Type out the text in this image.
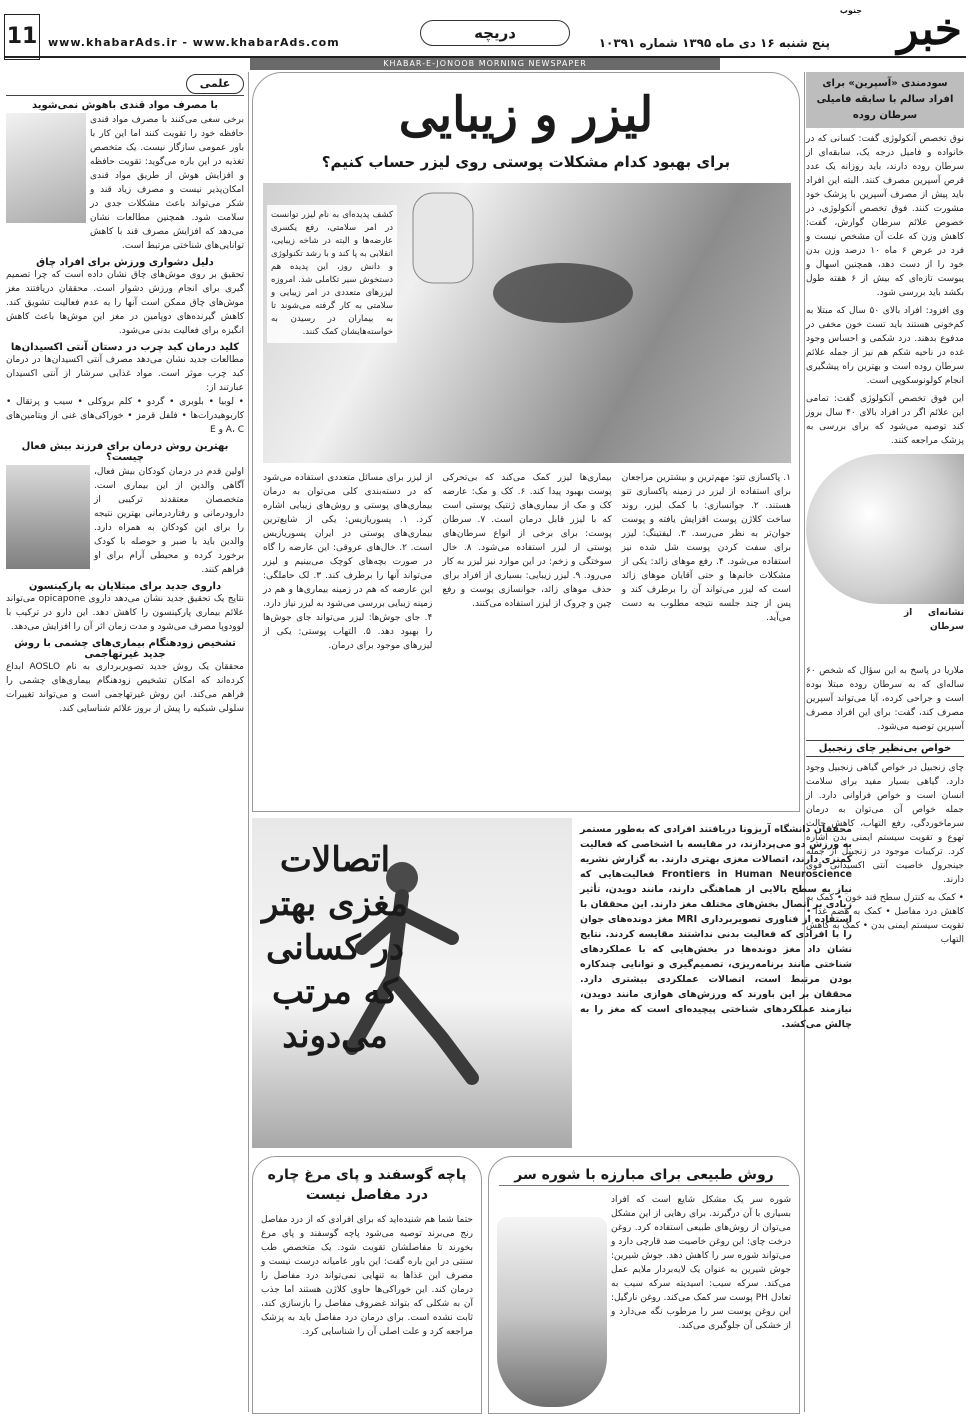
خبر
جنوب
پنج شنبه ۱۶ دی ماه ۱۳۹۵ شماره ۱۰۳۹۱
دریچه
www.khabarAds.ir - www.khabarAds.com
11
KHABAR-E-JONOOB MORNING NEWSPAPER
سودمندی «آسپرین» برای افراد سالم با سابقه فامیلی سرطان روده

نوق تخصص آنکولوژی گفت: کسانی که در خانواده و فامیل درجه یک، سابقه‌ای از سرطان روده دارند، باید روزانه یک عدد قرص آسپرین مصرف کنند. البته این افراد باید پیش از مصرف آسپرین با پزشک خود مشورت کنند. فوق تخصص آنکولوژی، در خصوص علائم سرطان گوارش، گفت: کاهش وزن که علت آن مشخص نیست و فرد در عرض ۶ ماه ۱۰ درصد وزن بدن خود را از دست دهد، همچنین اسهال و یبوست تازه‌ای که بیش از ۶ هفته طول بکشد باید بررسی شود.

وی افزود: افراد بالای ۵۰ سال که مبتلا به کم‌خونی هستند باید تست خون مخفی در مدفوع بدهند. درد شکمی و احساس وجود غده در ناحیه شکم هم نیز از جمله علائم سرطان روده است و بهترین راه پیشگیری انجام کولونوسکوپی است.

این فوق تخصص آنکولوژی گفت: تمامی این علائم اگر در افراد بالای ۴۰ سال بروز کند توصیه می‌شود که برای بررسی به پزشک مراجعه کنند.

نشانه‌ای از سرطان

ملاریا در پاسخ به این سؤال که شخص ۶۰ ساله‌ای که به سرطان روده مبتلا بوده است و جراحی کرده، آیا می‌تواند آسپرین مصرف کند، گفت: برای این افراد مصرف آسپرین توصیه می‌شود.

خواص بی‌نظیر چای زنجبیل

چای زنجبیل در خواص گیاهی زنجبیل وجود دارد. گیاهی بسیار مفید برای سلامت انسان است و خواص فراوانی دارد. از جمله خواص آن می‌توان به درمان سرماخوردگی، رفع التهاب، کاهش حالت تهوع و تقویت سیستم ایمنی بدن اشاره کرد. ترکیبات موجود در زنجبیل از جمله جینجرول خاصیت آنتی اکسیدانی قوی دارند.

• کمک به کنترل سطح قند خون • کمک به کاهش درد مفاصل • کمک به هضم غذا • تقویت سیستم ایمنی بدن • کمک به کاهش التهاب

علمی
با مصرف مواد قندی باهوش نمی‌شوید

برخی سعی می‌کنند با مصرف مواد قندی حافظه خود را تقویت کنند اما این کار با باور عمومی سازگار نیست. یک متخصص تغذیه در این باره می‌گوید: تقویت حافظه و افزایش هوش از طریق مواد قندی امکان‌پذیر نیست و مصرف زیاد قند و شکر می‌تواند باعث مشکلات جدی در سلامت شود. همچنین مطالعات نشان می‌دهد که افزایش مصرف قند با کاهش توانایی‌های شناختی مرتبط است.

دلیل دشواری ورزش برای افراد چاق

تحقیق بر روی موش‌های چاق نشان داده است که چرا تصمیم گیری برای انجام ورزش دشوار است. محققان دریافتند مغز موش‌های چاق ممکن است آنها را به عدم فعالیت تشویق کند. کاهش گیرنده‌های دوپامین در مغز این موش‌ها باعث کاهش انگیزه برای فعالیت بدنی می‌شود.

کلید درمان کبد چرب در دستان آنتی اکسیدان‌ها

مطالعات جدید نشان می‌دهد مصرف آنتی اکسیدان‌ها در درمان کبد چرب موثر است. مواد غذایی سرشار از آنتی اکسیدان عبارتند از:

• لوبیا • بلوبری • گردو • کلم بروکلی • سیب و پرتقال • کاربوهیدرات‌ها • فلفل قرمز • خوراکی‌های غنی از ویتامین‌های A، C و E

بهترین روش درمان برای فرزند بیش فعال چیست؟

اولین قدم در درمان کودکان بیش فعال، آگاهی والدین از این بیماری است. متخصصان معتقدند ترکیبی از دارودرمانی و رفتاردرمانی بهترین نتیجه را برای این کودکان به همراه دارد. والدین باید با صبر و حوصله با کودک برخورد کرده و محیطی آرام برای او فراهم کنند.

داروی جدید برای مبتلایان به پارکینسون

نتایج یک تحقیق جدید نشان می‌دهد داروی opicapone می‌تواند علائم بیماری پارکینسون را کاهش دهد. این دارو در ترکیب با لوودوپا مصرف می‌شود و مدت زمان اثر آن را افزایش می‌دهد.

تشخیص زودهنگام بیماری‌های چشمی با روش جدید غیرتهاجمی

محققان یک روش جدید تصویربرداری به نام AOSLO ابداع کرده‌اند که امکان تشخیص زودهنگام بیماری‌های چشمی را فراهم می‌کند. این روش غیرتهاجمی است و می‌تواند تغییرات سلولی شبکیه را پیش از بروز علائم شناسایی کند.

لیزر و زیبایی
برای بهبود کدام مشکلات پوستی روی لیزر حساب کنیم؟
کشف پدیده‌ای به نام لیزر توانست در امر سلامتی، رفع یکسری عارضه‌ها و البته در شاخه زیبایی، انقلابی به پا کند و با رشد تکنولوژی و دانش روز، این پدیده هم دستخوش سیر تکاملی شد. امروزه لیزرهای متعددی در امر زیبایی و سلامتی به کار گرفته می‌شوند تا به بیماران در رسیدن به خواسته‌هایشان کمک کنند.

۱. پاکسازی تتو: مهم‌ترین و بیشترین مراجعان برای استفاده از لیزر در زمینه پاکسازی تتو هستند. ۲. جوانسازی: با کمک لیزر، روند ساخت کلاژن پوست افزایش یافته و پوست جوان‌تر به نظر می‌رسد. ۳. لیفتینگ: لیزر برای سفت کردن پوست شل شده نیز استفاده می‌شود. ۴. رفع موهای زائد: یکی از مشکلات خانم‌ها و حتی آقایان موهای زائد است که لیزر می‌تواند آن را برطرف کند و پس از چند جلسه نتیجه مطلوب به دست می‌آید.

بیماری‌ها لیزر کمک می‌کند که بی‌تحرکی پوست بهبود پیدا کند. ۶. کک و مک: عارضه کک و مک از بیماری‌های ژنتیک پوستی است که با لیزر قابل درمان است. ۷. سرطان پوست: برای برخی از انواع سرطان‌های پوستی از لیزر استفاده می‌شود. ۸. خال سوختگی و زخم: در این موارد نیز لیزر به کار می‌رود. ۹. لیزر زیبایی: بسیاری از افراد برای حذف موهای زائد، جوانسازی پوست و رفع چین و چروک از لیزر استفاده می‌کنند.

از لیزر برای مسائل متعددی استفاده می‌شود که در دسته‌بندی کلی می‌توان به درمان بیماری‌های پوستی و روش‌های زیبایی اشاره کرد. ۱. پسوریازیس: یکی از شایع‌ترین بیماری‌های پوستی در ایران پسوریازیس است. ۲. خال‌های عروقی: این عارضه را گاه در صورت بچه‌های کوچک می‌بینیم و لیزر می‌تواند آنها را برطرف کند. ۳. لک حاملگی: این عارضه که هم در زمینه بیماری‌ها و هم در زمینه زیبایی بررسی می‌شود به لیزر نیاز دارد. ۴. جای جوش‌ها: لیزر می‌تواند جای جوش‌ها را بهبود دهد. ۵. التهاب پوستی: یکی از لیزرهای موجود برای درمان.

اتصالات مغزی بهتر در کسانی که مرتب می‌دوند

محققان دانشگاه آریزونا دریافتند افرادی که به‌طور مستمر به ورزش دو می‌پردازند، در مقایسه با اشخاصی که فعالیت کمتری دارند، اتصالات مغزی بهتری دارند. به گزارش نشریه Frontiers in Human Neuroscience فعالیت‌هایی که نیاز به سطح بالایی از هماهنگی دارند، مانند دویدن، تأثیر زیادی بر اتصال بخش‌های مختلف مغز دارند. این محققان با استفاده از فناوری تصویربرداری MRI مغز دونده‌های جوان را با افرادی که فعالیت بدنی نداشتند مقایسه کردند. نتایج نشان داد مغز دونده‌ها در بخش‌هایی که با عملکردهای شناختی مانند برنامه‌ریزی، تصمیم‌گیری و توانایی چندکاره بودن مرتبط است، اتصالات عملکردی بیشتری دارد. محققان بر این باورند که ورزش‌های هوازی مانند دویدن، نیازمند عملکردهای شناختی پیچیده‌ای است که مغز را به چالش می‌کشد.

پاچه گوسفند و پای مرغ چاره درد مفاصل نیست

حتما شما هم شنیده‌اید که برای افرادی که از درد مفاصل رنج می‌برند توصیه می‌شود پاچه گوسفند و پای مرغ بخورند تا مفاصلشان تقویت شود. یک متخصص طب سنتی در این باره گفت: این باور عامیانه درست نیست و مصرف این غذاها به تنهایی نمی‌تواند درد مفاصل را درمان کند. این خوراکی‌ها حاوی کلاژن هستند اما جذب آن به شکلی که بتواند غضروف مفاصل را بازسازی کند، ثابت نشده است. برای درمان درد مفاصل باید به پزشک مراجعه کرد و علت اصلی آن را شناسایی کرد.

روش طبیعی برای مبارزه با شوره سر

شوره سر یک مشکل شایع است که افراد بسیاری با آن درگیرند. برای رهایی از این مشکل می‌توان از روش‌های طبیعی استفاده کرد. روغن درخت چای: این روغن خاصیت ضد قارچی دارد و می‌تواند شوره سر را کاهش دهد. جوش شیرین: جوش شیرین به عنوان یک لایه‌بردار ملایم عمل می‌کند. سرکه سیب: اسیدیته سرکه سیب به تعادل PH پوست سر کمک می‌کند. روغن نارگیل: این روغن پوست سر را مرطوب نگه می‌دارد و از خشکی آن جلوگیری می‌کند.
